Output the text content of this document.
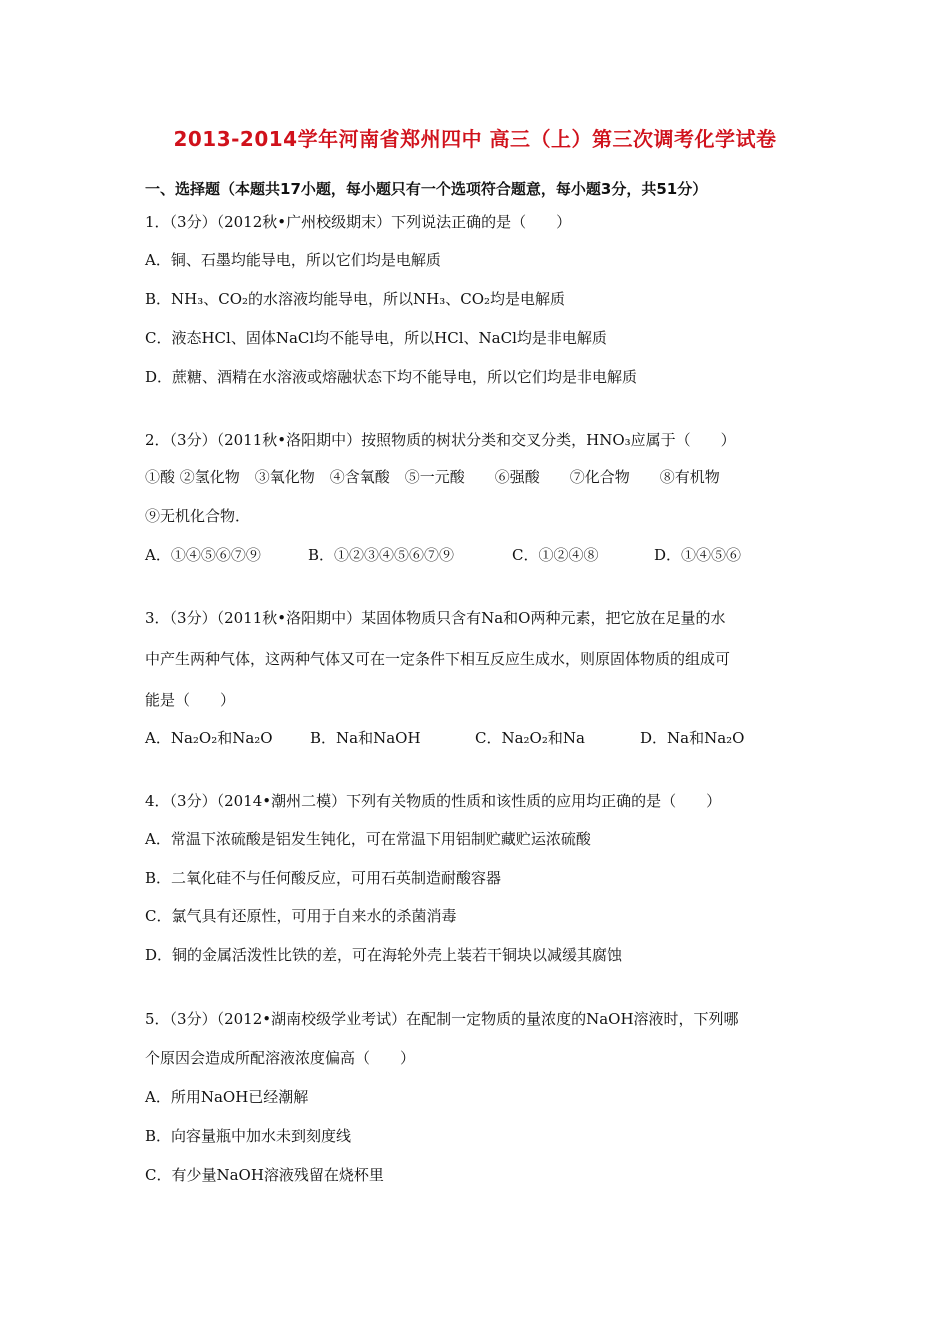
2013-2014学年河南省郑州四中 高三（上）第三次调考化学试卷
一、选择题（本题共17小题，每小题只有一个选项符合题意，每小题3分，共51分）
1．（3分）（2012秋•广州校级期末）下列说法正确的是（　　）
A．铜、石墨均能导电，所以它们均是电解质
B．NH₃、CO₂的水溶液均能导电，所以NH₃、CO₂均是电解质
C．液态HCl、固体NaCl均不能导电，所以HCl、NaCl均是非电解质
D．蔗糖、酒精在水溶液或熔融状态下均不能导电，所以它们均是非电解质
2．（3分）（2011秋•洛阳期中）按照物质的树状分类和交叉分类，HNO₃应属于（　　）
①酸 ②氢化物　③氧化物　④含氧酸　⑤一元酸　　⑥强酸　　⑦化合物　　⑧有机物
⑨无机化合物．
A．①④⑤⑥⑦⑨	B．①②③④⑤⑥⑦⑨	C．①②④⑧	D．①④⑤⑥
3．（3分）（2011秋•洛阳期中）某固体物质只含有Na和O两种元素，把它放在足量的水
中产生两种气体，这两种气体又可在一定条件下相互反应生成水，则原固体物质的组成可
能是（　　）
A．Na₂O₂和Na₂O B．Na和NaOH	C．Na₂O₂和Na	D．Na和Na₂O
4．（3分）（2014•潮州二模）下列有关物质的性质和该性质的应用均正确的是（　　）
A．常温下浓硫酸是铝发生钝化，可在常温下用铝制贮藏贮运浓硫酸
B．二氧化硅不与任何酸反应，可用石英制造耐酸容器
C．氯气具有还原性，可用于自来水的杀菌消毒
D．铜的金属活泼性比铁的差，可在海轮外壳上装若干铜块以减缓其腐蚀
5．（3分）（2012•湖南校级学业考试）在配制一定物质的量浓度的NaOH溶液时，下列哪
个原因会造成所配溶液浓度偏高（　　）
A．所用NaOH已经潮解
B．向容量瓶中加水未到刻度线
C．有少量NaOH溶液残留在烧杯里
